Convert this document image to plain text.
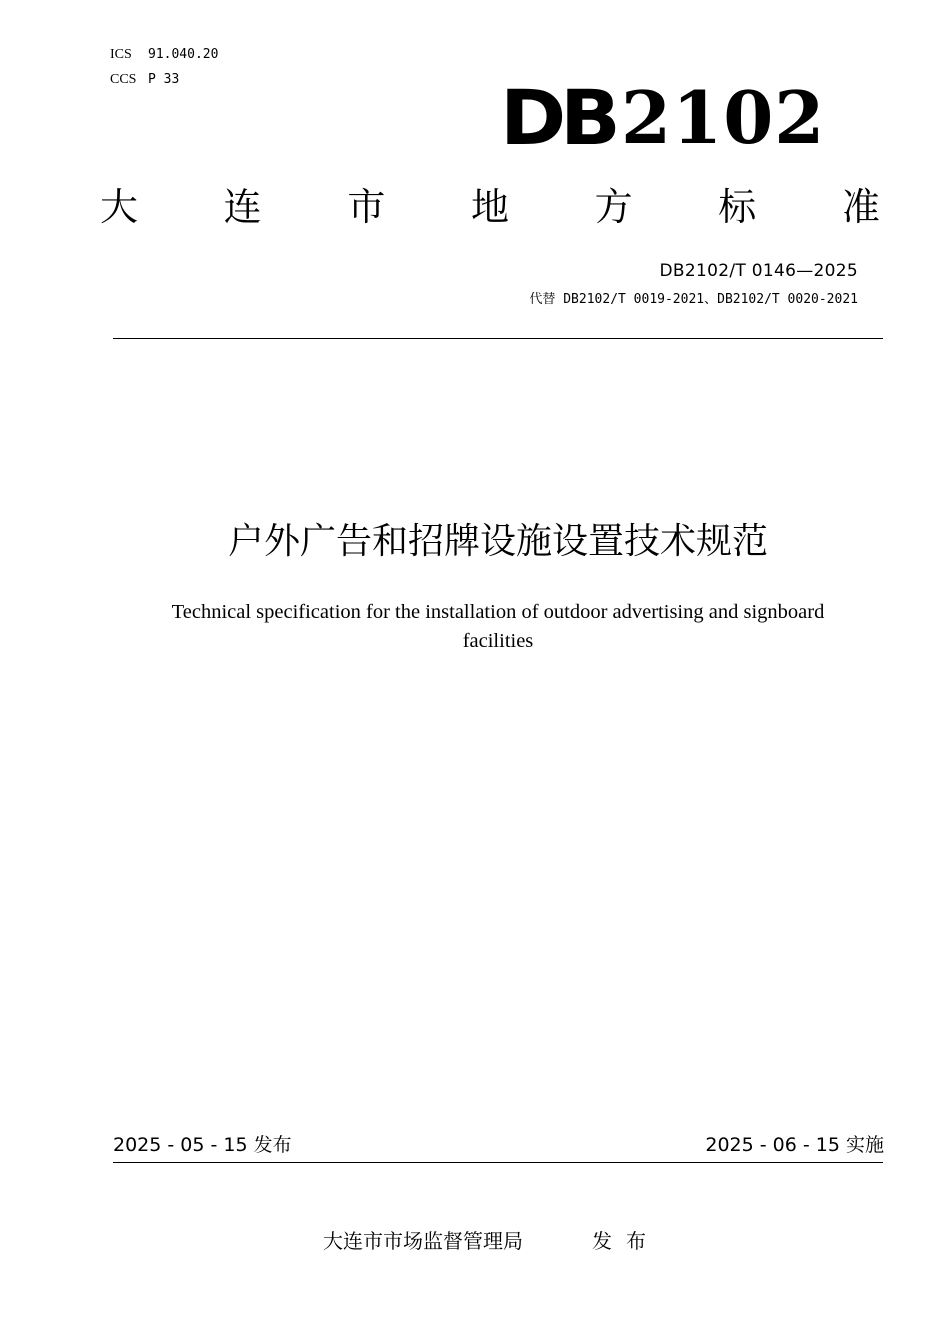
ICS 91.040.20
CCS P 33	DB 2102
大 连 市 地 方 标 准
DB2102/T 0146—2025
代替 DB2102/T 0019-2021、DB2102/T 0020-2021
户外广告和招牌设施设置技术规范
Technical specification for the installation of outdoor advertising and signboard
facilities
2025 - 05 - 15 发布	2025 - 06 - 15 实施
大连市市场监督管理局	发布
